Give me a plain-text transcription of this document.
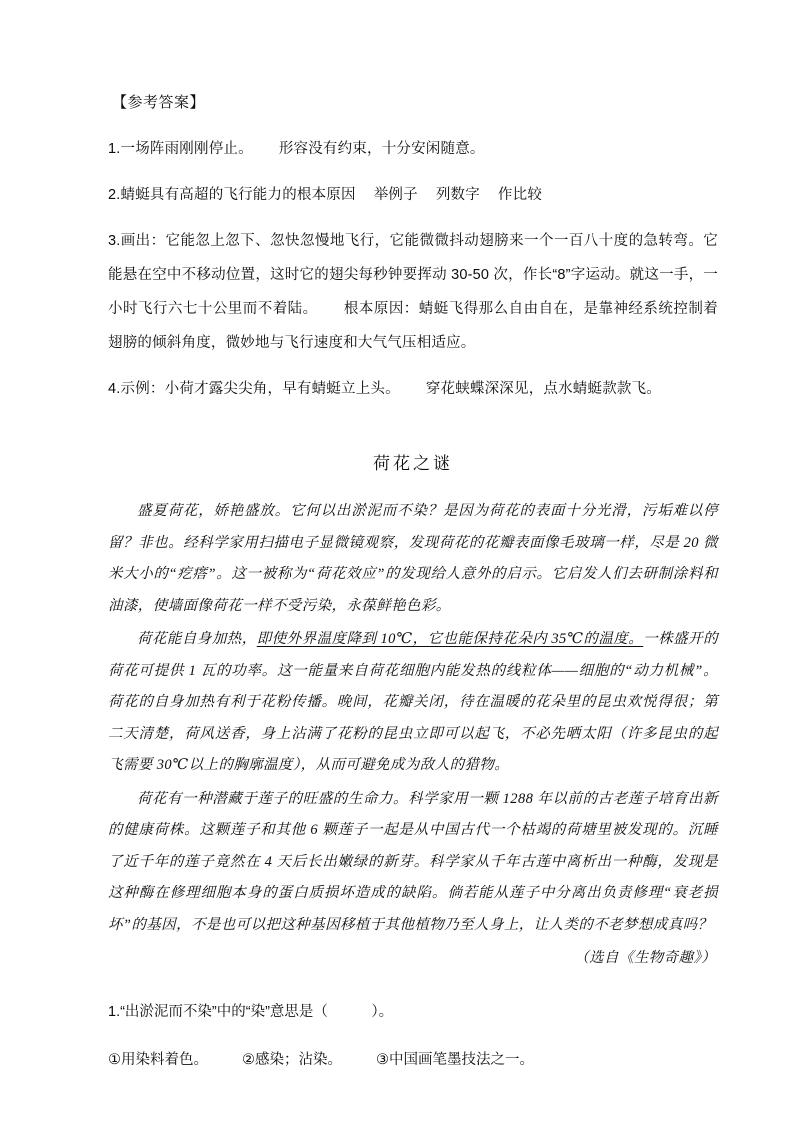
【参考答案】

1.一场阵雨刚刚停止。 形容没有约束，十分安闲随意。

2.蜻蜓具有高超的飞行能力的根本原因 举例子 列数字 作比较

3.画出：它能忽上忽下、忽快忽慢地飞行，它能微微抖动翅膀来一个一百八十度的急转弯。它能悬在空中不移动位置，这时它的翅尖每秒钟要挥动 30-50 次，作长“8”字运动。就这一手，一小时飞行六七十公里而不着陆。 根本原因：蜻蜓飞得那么自由自在，是靠神经系统控制着翅膀的倾斜角度，微妙地与飞行速度和大气气压相适应。

4.示例：小荷才露尖尖角，早有蜻蜓立上头。 穿花蛱蝶深深见，点水蜻蜓款款飞。

荷花之谜

盛夏荷花，娇艳盛放。它何以出淤泥而不染？是因为荷花的表面十分光滑，污垢难以停留？非也。经科学家用扫描电子显微镜观察，发现荷花的花瓣表面像毛玻璃一样，尽是 20 微米大小的“疙瘩”。这一被称为“荷花效应”的发现给人意外的启示。它启发人们去研制涂料和油漆，使墙面像荷花一样不受污染，永葆鲜艳色彩。

荷花能自身加热，即使外界温度降到 10℃，它也能保持花朵内 35℃的温度。一株盛开的荷花可提供 1 瓦的功率。这一能量来自荷花细胞内能发热的线粒体——细胞的“动力机械”。荷花的自身加热有利于花粉传播。晚间，花瓣关闭，待在温暖的花朵里的昆虫欢悦得很；第二天清楚，荷风送香，身上沾满了花粉的昆虫立即可以起飞，不必先晒太阳（许多昆虫的起飞需要 30℃以上的胸廓温度），从而可避免成为敌人的猎物。

荷花有一种潜藏于莲子的旺盛的生命力。科学家用一颗 1288 年以前的古老莲子培育出新的健康荷株。这颗莲子和其他 6 颗莲子一起是从中国古代一个枯竭的荷塘里被发现的。沉睡了近千年的莲子竟然在 4 天后长出嫩绿的新芽。科学家从千年古莲中离析出一种酶，发现是这种酶在修理细胞本身的蛋白质损坏造成的缺陷。倘若能从莲子中分离出负责修理“衰老损坏”的基因，不是也可以把这种基因移植于其他植物乃至人身上，让人类的不老梦想成真吗？

（选自《生物奇趣》）

1.“出淤泥而不染”中的“染”意思是（　　　）。

①用染料着色。 ②感染；沾染。 ③中国画笔墨技法之一。
